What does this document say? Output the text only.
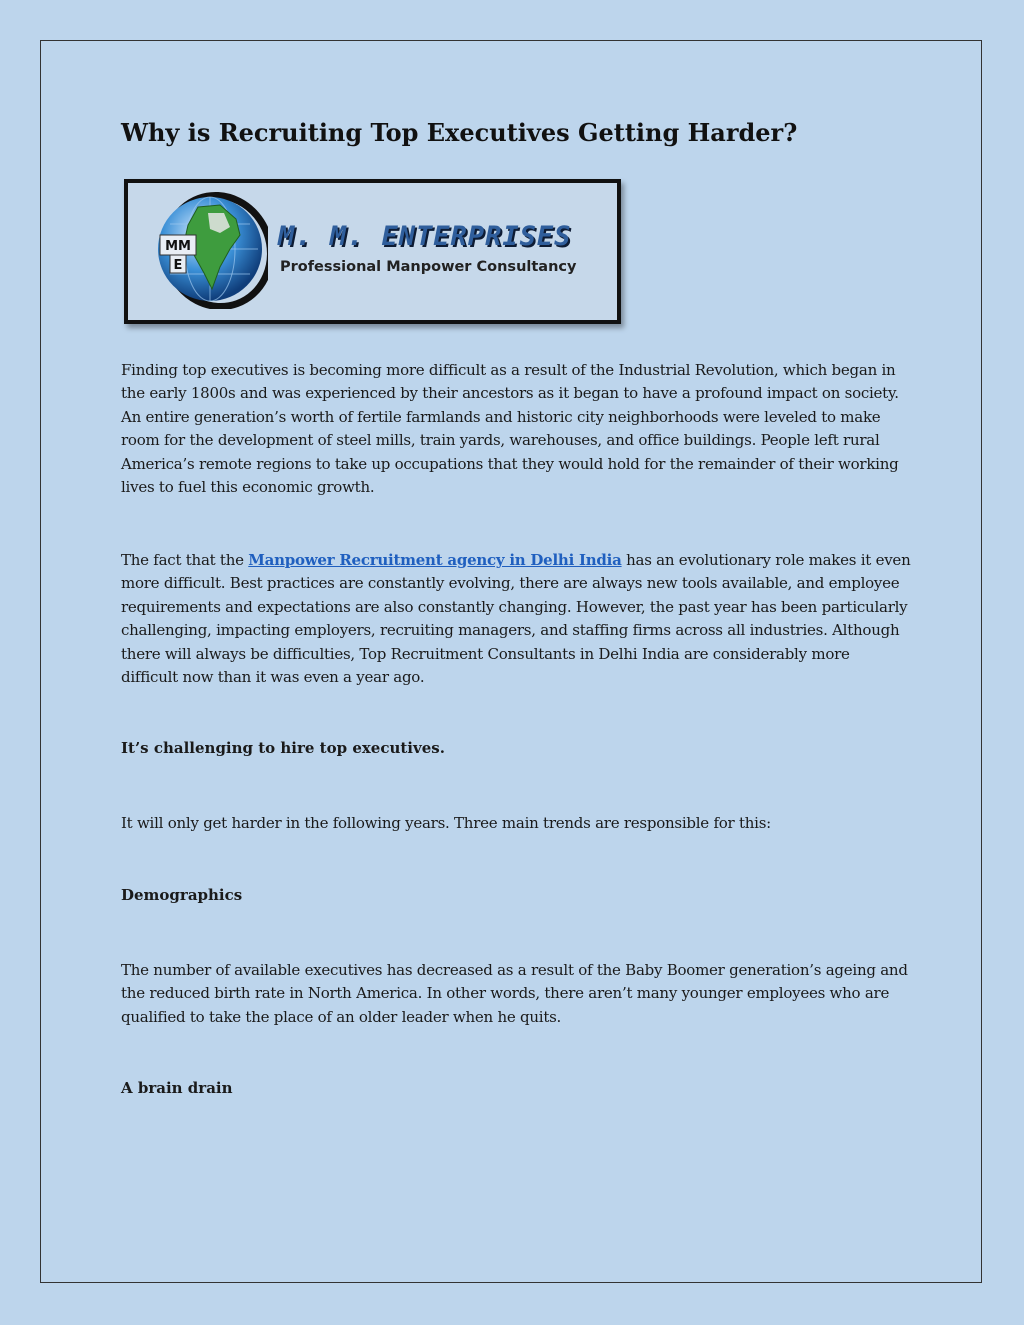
Why is Recruiting Top Executives Getting Harder?
MM
E
M. M. ENTERPRISES
Professional Manpower Consultancy

Finding top executives is becoming more difficult as a result of the Industrial Revolution, which began in the early 1800s and was experienced by their ancestors as it began to have a profound impact on society. An entire generation’s worth of fertile farmlands and historic city neighborhoods were leveled to make room for the development of steel mills, train yards, warehouses, and office buildings. People left rural America’s remote regions to take up occupations that they would hold for the remainder of their working lives to fuel this economic growth.

The fact that the Manpower Recruitment agency in Delhi India has an evolutionary role makes it even more difficult. Best practices are constantly evolving, there are always new tools available, and employee requirements and expectations are also constantly changing. However, the past year has been particularly challenging, impacting employers, recruiting managers, and staffing firms across all industries. Although there will always be difficulties, Top Recruitment Consultants in Delhi India are considerably more difficult now than it was even a year ago.

It’s challenging to hire top executives.

It will only get harder in the following years. Three main trends are responsible for this:

Demographics

The number of available executives has decreased as a result of the Baby Boomer generation’s ageing and the reduced birth rate in North America. In other words, there aren’t many younger employees who are qualified to take the place of an older leader when he quits.

A brain drain
